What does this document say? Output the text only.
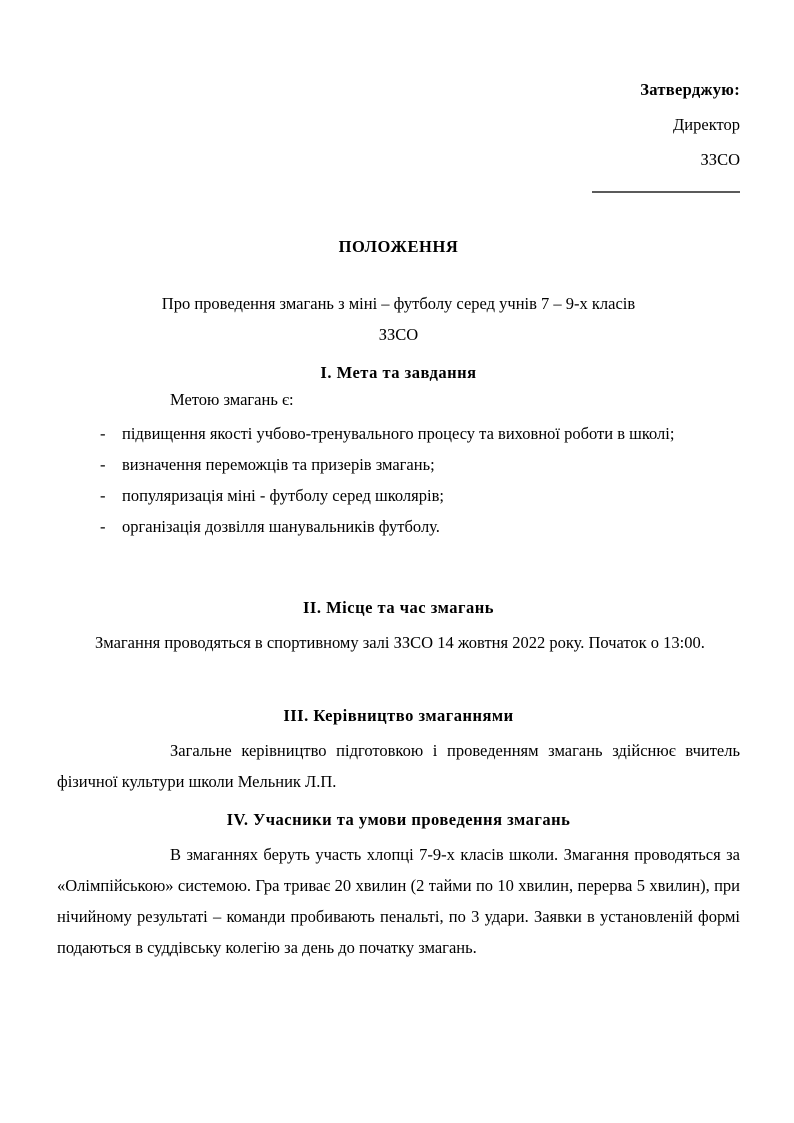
Затверджую:
Директор
ЗЗСО
ПОЛОЖЕННЯ

Про проведення змагань з міні – футболу серед учнів 7 – 9-х класів

ЗЗСО

I. Мета та завдання

Метою змагань є:

- підвищення якості учбово-тренувального процесу та виховної роботи в школі;
- визначення переможців та призерів змагань;
- популяризація міні - футболу серед школярів;
- організація дозвілля шанувальників футболу.
II. Місце та час змагань

Змагання проводяться в спортивному залі ЗЗСО 14 жовтня 2022 року. Початок о 13:00.

III. Керівництво змаганнями

Загальне керівництво підготовкою і проведенням змагань здійснює вчитель фізичної культури школи Мельник Л.П.

IV. Учасники та умови проведення змагань

В змаганнях беруть участь хлопці 7-9-х класів школи. Змагання проводяться за «Олімпійською» системою. Гра триває 20 хвилин (2 тайми по 10 хвилин, перерва 5 хвилин), при нічийному результаті – команди пробивають пенальті, по 3 удари. Заявки в установленій формі подаються в суддівську колегію за день до початку змагань.
